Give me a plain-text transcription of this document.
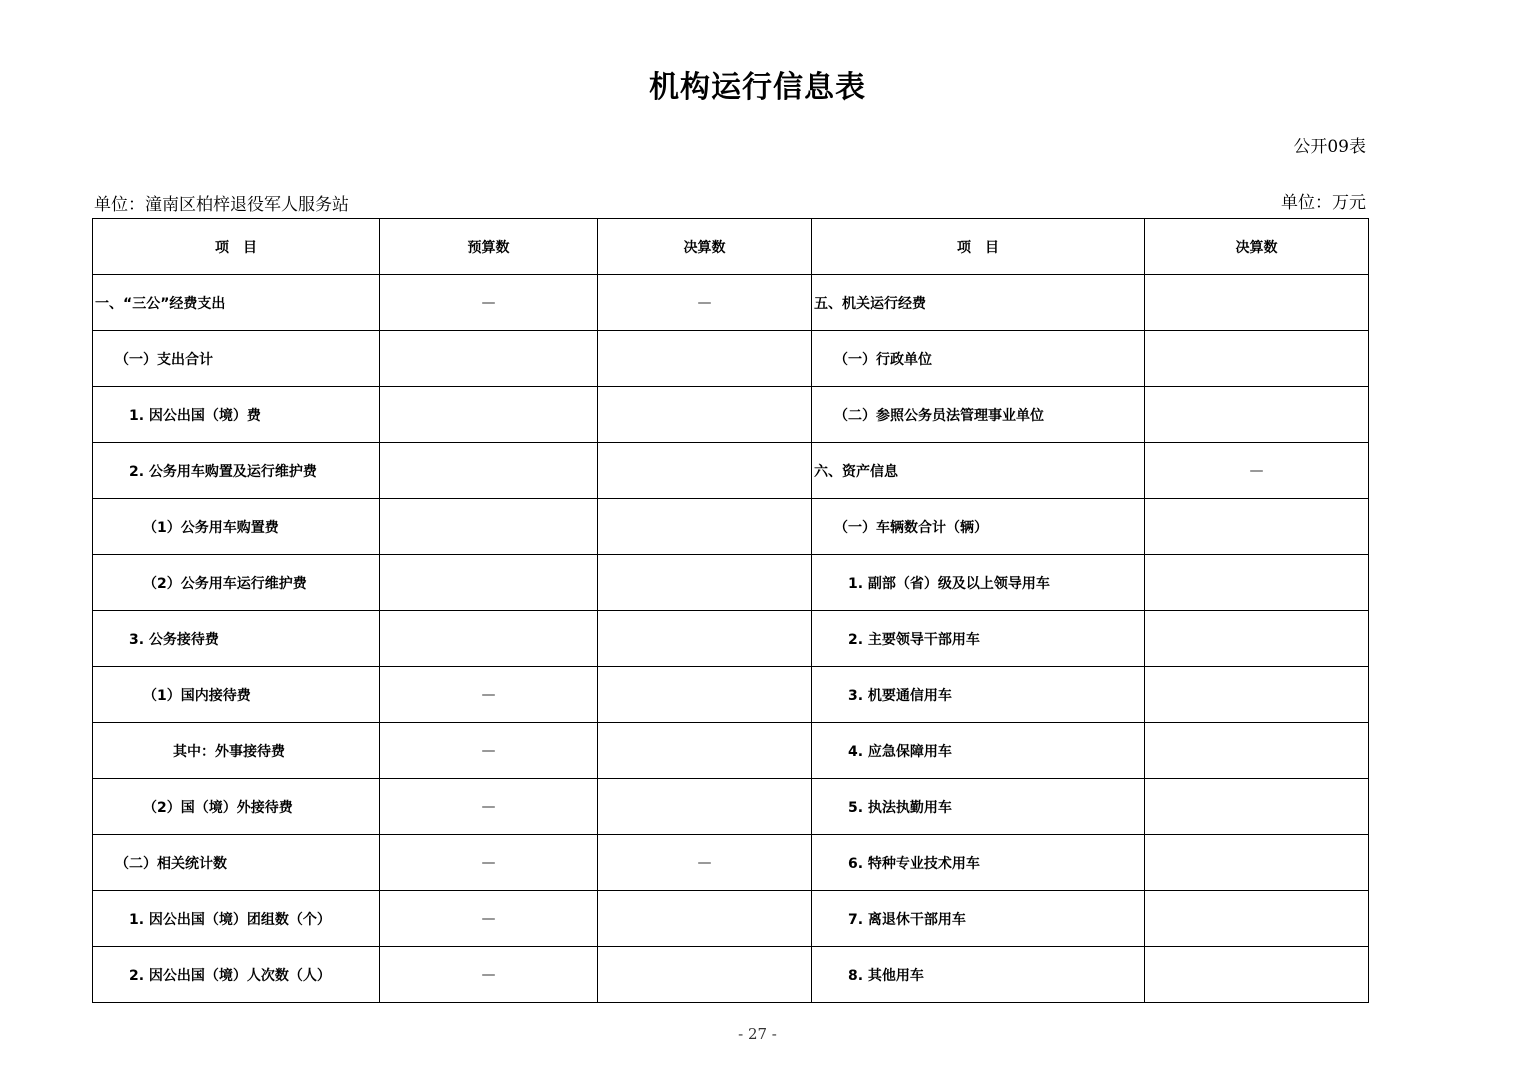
机构运行信息表
公开09表
单位：潼南区柏梓退役军人服务站	单位：万元
项　目	预算数	决算数	项　目	决算数
一、“三公”经费支出	—	—	五、机关运行经费	
（一）支出合计			（一）行政单位	
1. 因公出国（境）费			（二）参照公务员法管理事业单位	
2. 公务用车购置及运行维护费			六、资产信息	—
（1）公务用车购置费			（一）车辆数合计（辆）	
（2）公务用车运行维护费			1. 副部（省）级及以上领导用车	
3. 公务接待费			2. 主要领导干部用车	
（1）国内接待费	—		3. 机要通信用车	
其中：外事接待费	—		4. 应急保障用车	
（2）国（境）外接待费	—		5. 执法执勤用车	
（二）相关统计数	—	—	6. 特种专业技术用车	
1. 因公出国（境）团组数（个）	—		7. 离退休干部用车	
2. 因公出国（境）人次数（人）	—		8. 其他用车	
- 27 -
